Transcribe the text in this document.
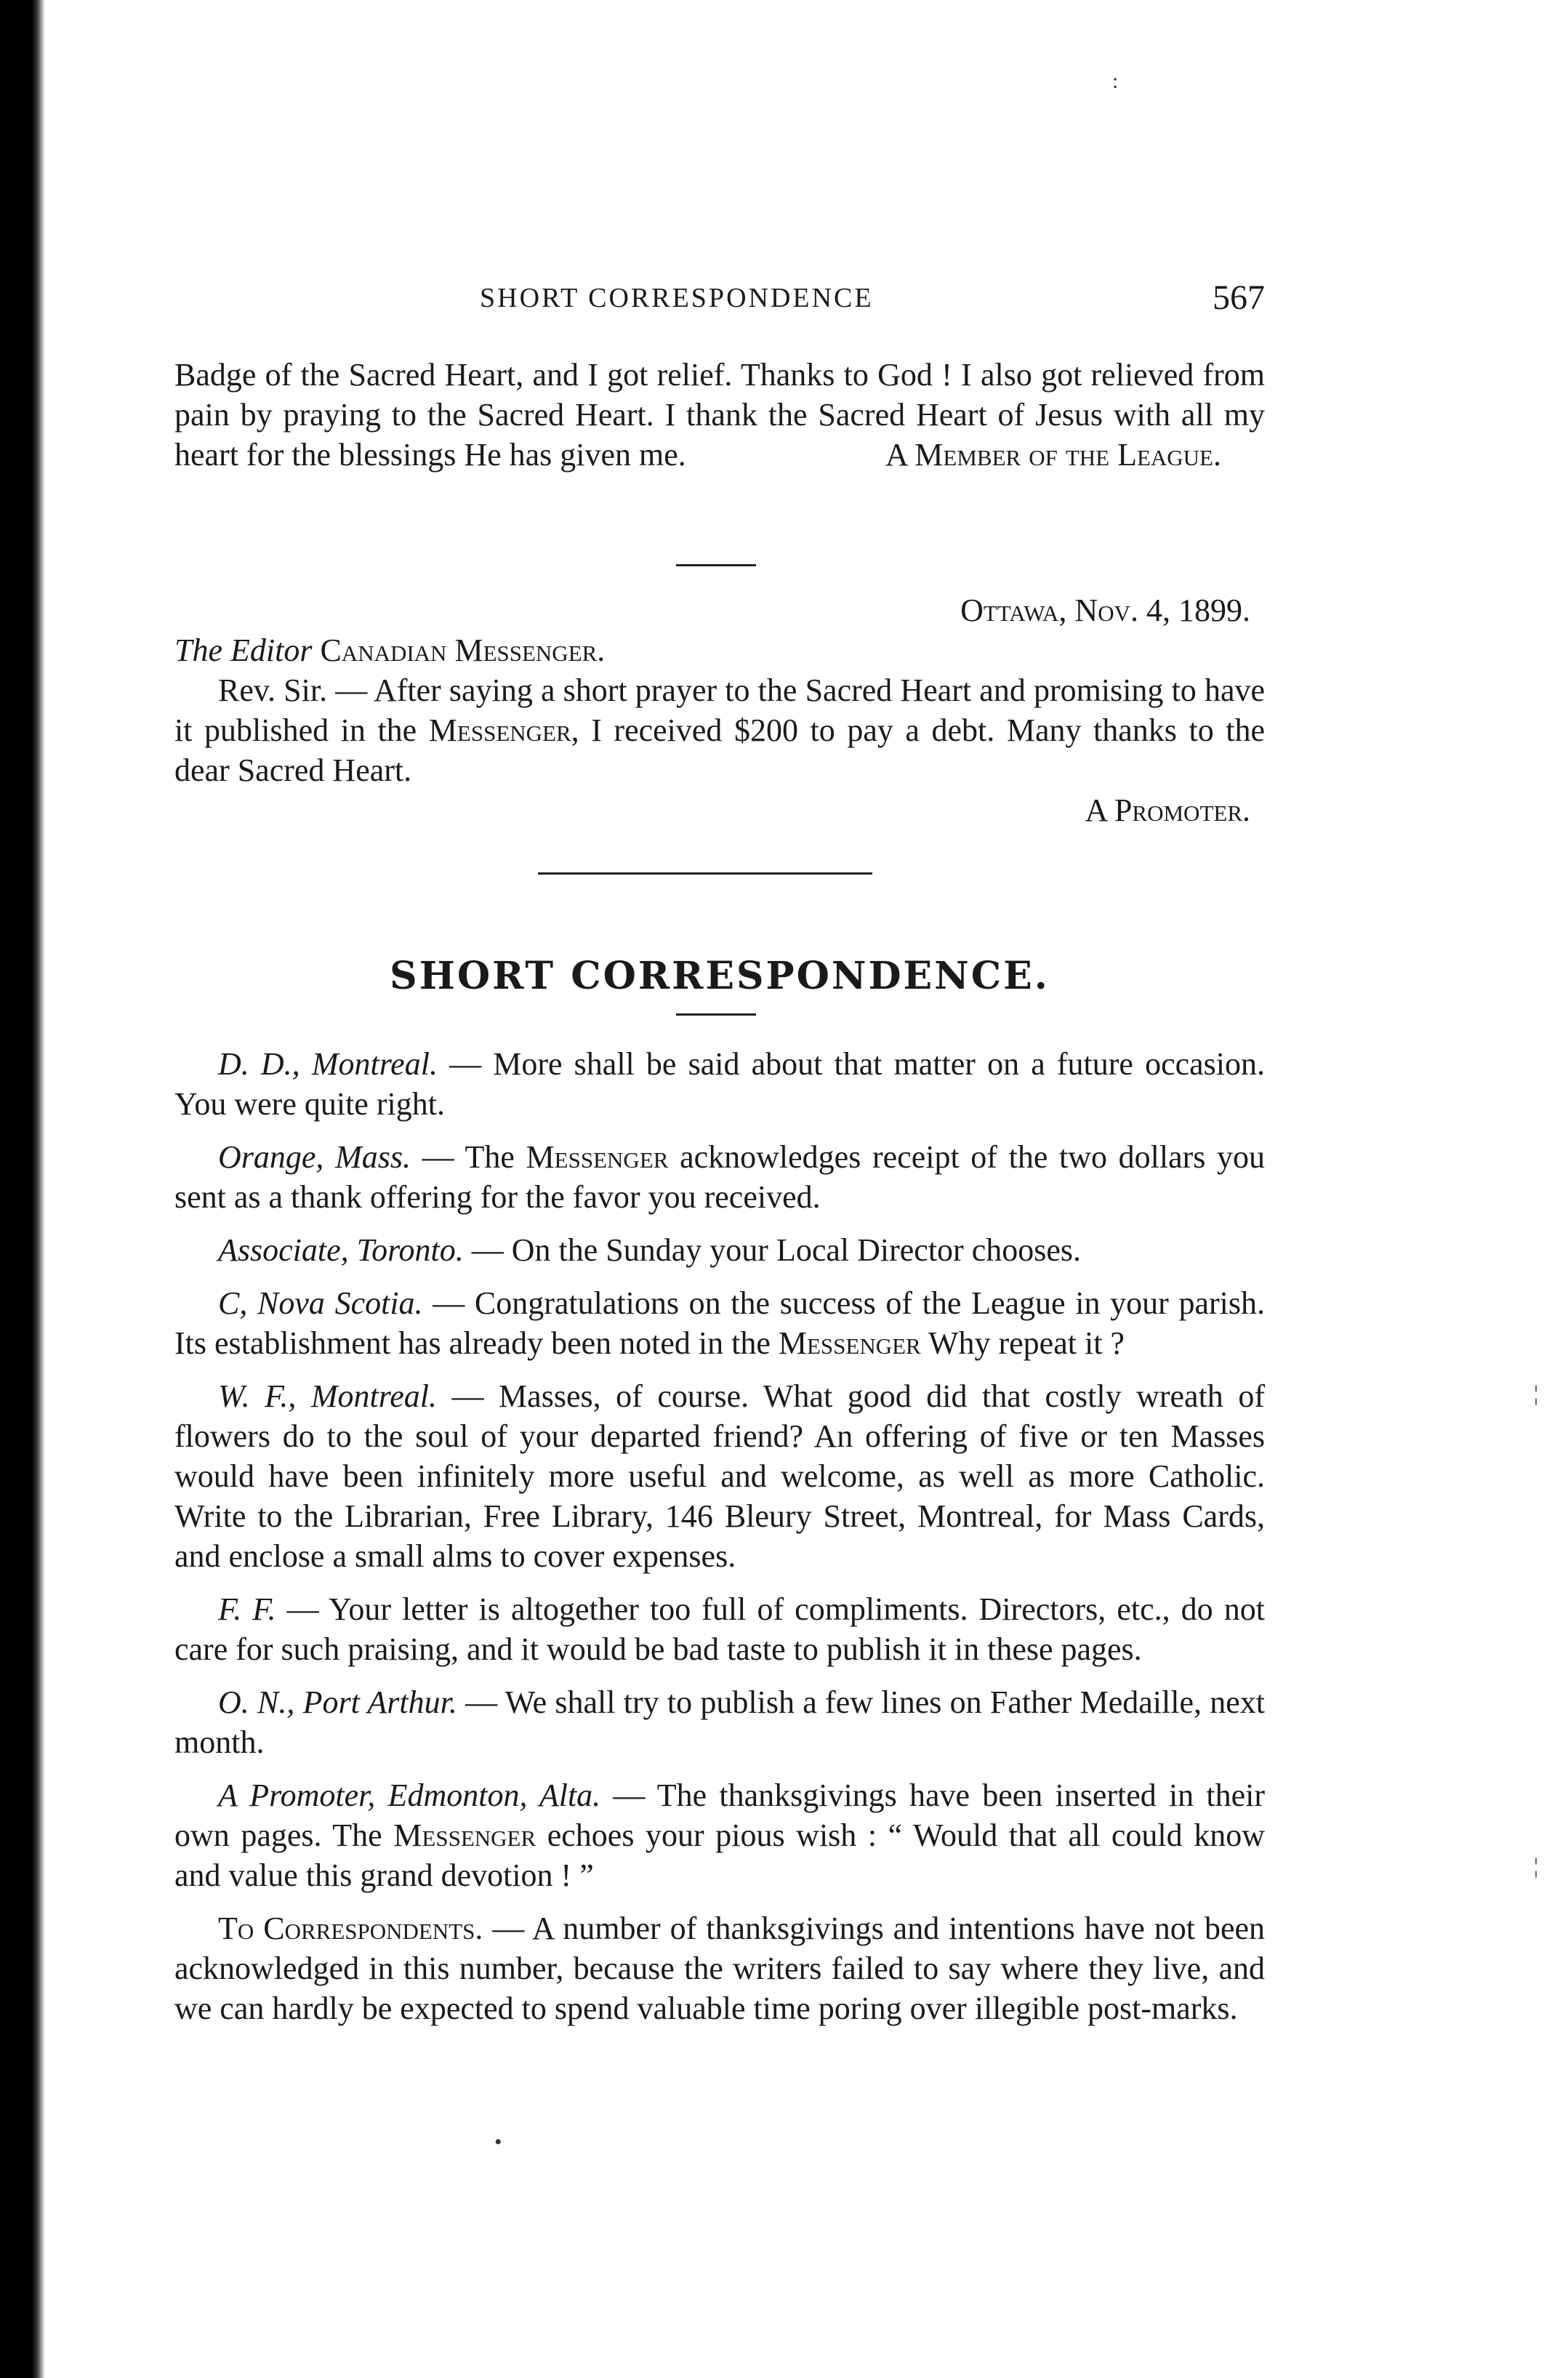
SHORT CORRESPONDENCE	567

Badge of the Sacred Heart, and I got relief. Thanks to God ! I also got relieved from pain by praying to the Sacred Heart. I thank the Sacred Heart of Jesus with all my heart for the blessings He has given me.	A Member of the League.

Ottawa, Nov. 4, 1899.

The Editor Canadian Messenger.

Rev. Sir. — After saying a short prayer to the Sacred Heart and promising to have it published in the Messenger, I received $200 to pay a debt. Many thanks to the dear Sacred Heart.

A Promoter.

SHORT CORRESPONDENCE.

D. D., Montreal. — More shall be said about that matter on a future occasion. You were quite right.

Orange, Mass. — The Messenger acknowledges receipt of the two dollars you sent as a thank offering for the favor you received.

Associate, Toronto. — On the Sunday your Local Director chooses.

C, Nova Scotia. — Congratulations on the success of the League in your parish. Its establishment has already been noted in the Messenger Why repeat it ?

W. F., Montreal. — Masses, of course. What good did that costly wreath of flowers do to the soul of your departed friend? An offering of five or ten Masses would have been infinitely more useful and welcome, as well as more Catholic. Write to the Librarian, Free Library, 146 Bleury Street, Montreal, for Mass Cards, and enclose a small alms to cover expenses.

F. F. — Your letter is altogether too full of compliments. Directors, etc., do not care for such praising, and it would be bad taste to publish it in these pages.

O. N., Port Arthur. — We shall try to publish a few lines on Father Medaille, next month.

A Promoter, Edmonton, Alta. — The thanksgivings have been inserted in their own pages. The Messenger echoes your pious wish : “ Would that all could know and value this grand devotion ! ”

To Correspondents. — A number of thanksgivings and intentions have not been acknowledged in this number, because the writers failed to say where they live, and we can hardly be expected to spend valuable time poring over illegible post-marks.

:
•
¦
¦
